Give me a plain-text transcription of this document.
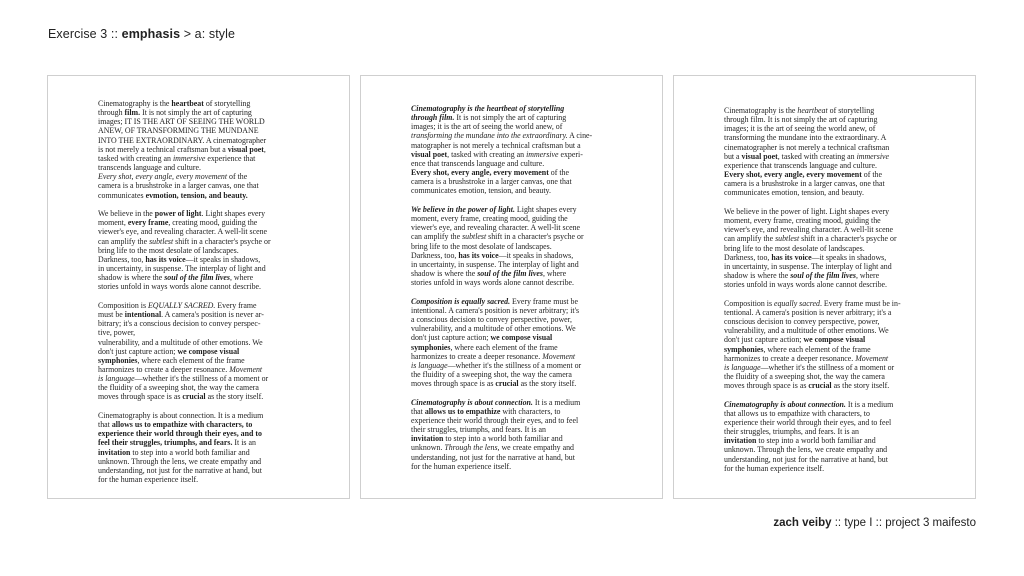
Exercise 3 :: emphasis > a: style
Cinematography is the heartbeat of storytelling
through film. It is not simply the art of capturing
images; IT IS THE ART OF SEEING THE WORLD
ANEW, OF TRANSFORMING THE MUNDANE
INTO THE EXTRAORDINARY. A cinematographer
is not merely a technical craftsman but a visual poet,
tasked with creating an immersive experience that
transcends language and culture.
Every shot, every angle, every movement of the
camera is a brushstroke in a larger canvas, one that
communicates evmotion, tension, and beauty.
We believe in the power of light. Light shapes every
moment, every frame, creating mood, guiding the
viewer's eye, and revealing character. A well-lit scene
can amplify the subtlest shift in a character's psyche or
bring life to the most desolate of landscapes.
Darkness, too, has its voice—it speaks in shadows,
in uncertainty, in suspense. The interplay of light and
shadow is where the soul of the film lives, where
stories unfold in ways words alone cannot describe.
Composition is EQUALLY SACRED. Every frame
must be intentional. A camera's position is never ar-
bitrary; it's a conscious decision to convey perspec-
tive, power,
vulnerability, and a multitude of other emotions. We
don't just capture action; we compose visual
symphonies, where each element of the frame
harmonizes to create a deeper resonance. Movement
is language—whether it's the stillness of a moment or
the fluidity of a sweeping shot, the way the camera
moves through space is as crucial as the story itself.
Cinematography is about connection. It is a medium
that allows us to empathize with characters, to
experience their world through their eyes, and to
feel their struggles, triumphs, and fears. It is an
invitation to step into a world both familiar and
unknown. Through the lens, we create empathy and
understanding, not just for the narrative at hand, but
for the human experience itself.
Cinematography is the heartbeat of storytelling
through film. It is not simply the art of capturing
images; it is the art of seeing the world anew, of
transforming the mundane into the extraordinary. A cine-
matographer is not merely a technical craftsman but a
visual poet, tasked with creating an immersive experi-
ence that transcends language and culture.
Every shot, every angle, every movement of the
camera is a brushstroke in a larger canvas, one that
communicates emotion, tension, and beauty.
We believe in the power of light. Light shapes every
moment, every frame, creating mood, guiding the
viewer's eye, and revealing character. A well-lit scene
can amplify the subtlest shift in a character's psyche or
bring life to the most desolate of landscapes.
Darkness, too, has its voice—it speaks in shadows,
in uncertainty, in suspense. The interplay of light and
shadow is where the soul of the film lives, where
stories unfold in ways words alone cannot describe.
Composition is equally sacred. Every frame must be
intentional. A camera's position is never arbitrary; it's
a conscious decision to convey perspective, power,
vulnerability, and a multitude of other emotions. We
don't just capture action; we compose visual
symphonies, where each element of the frame
harmonizes to create a deeper resonance. Movement
is language—whether it's the stillness of a moment or
the fluidity of a sweeping shot, the way the camera
moves through space is as crucial as the story itself.
Cinematography is about connection. It is a medium
that allows us to empathize with characters, to
experience their world through their eyes, and to feel
their struggles, triumphs, and fears. It is an
invitation to step into a world both familiar and
unknown. Through the lens, we create empathy and
understanding, not just for the narrative at hand, but
for the human experience itself.
Cinematography is the heartbeat of storytelling
through film. It is not simply the art of capturing
images; it is the art of seeing the world anew, of
transforming the mundane into the extraordinary. A
cinematographer is not merely a technical craftsman
but a visual poet, tasked with creating an immersive
experience that transcends language and culture.
Every shot, every angle, every movement of the
camera is a brushstroke in a larger canvas, one that
communicates emotion, tension, and beauty.
We believe in the power of light. Light shapes every
moment, every frame, creating mood, guiding the
viewer's eye, and revealing character. A well-lit scene
can amplify the subtlest shift in a character's psyche or
bring life to the most desolate of landscapes.
Darkness, too, has its voice—it speaks in shadows,
in uncertainty, in suspense. The interplay of light and
shadow is where the soul of the film lives, where
stories unfold in ways words alone cannot describe.
Composition is equally sacred. Every frame must be in-
tentional. A camera's position is never arbitrary; it's a
conscious decision to convey perspective, power,
vulnerability, and a multitude of other emotions. We
don't just capture action; we compose visual
symphonies, where each element of the frame
harmonizes to create a deeper resonance. Movement
is language—whether it's the stillness of a moment or
the fluidity of a sweeping shot, the way the camera
moves through space is as crucial as the story itself.
Cinematography is about connection. It is a medium
that allows us to empathize with characters, to
experience their world through their eyes, and to feel
their struggles, triumphs, and fears. It is an
invitation to step into a world both familiar and
unknown. Through the lens, we create empathy and
understanding, not just for the narrative at hand, but
for the human experience itself.
zach veiby :: type I :: project 3 maifesto
